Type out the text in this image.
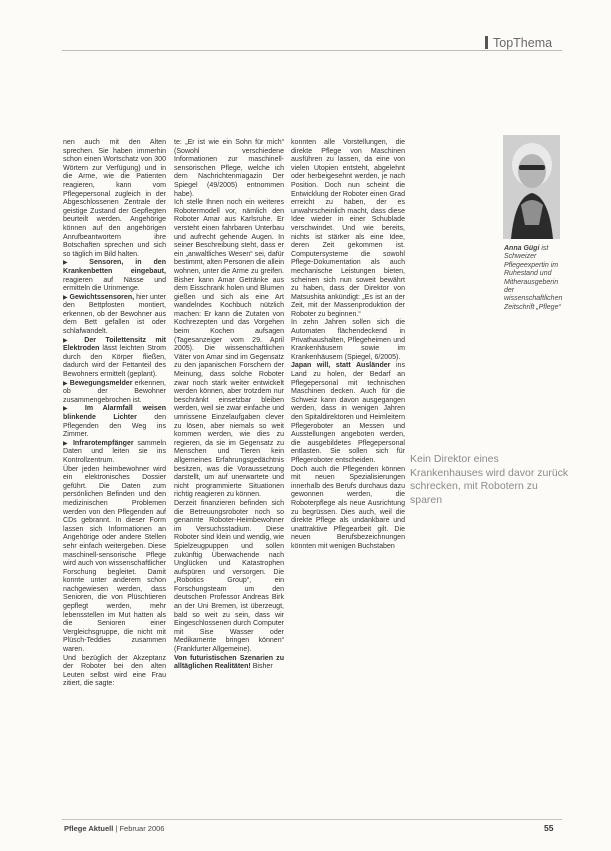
TopThema

nen auch mit den Alten sprechen. Sie haben immerhin schon einen Wortschatz von 300 Wörtern zur Verfügung) und in die Arme, wie die Patienten reagieren, kann vom Pflegepersonal zugleich in der Abgeschlossenen Zentrale der geistige Zustand der Gepflegten beurteilt werden. Angehörige können auf den angehörigen Anrufbeantwortern ihre Botschaften sprechen und sich so täglich im Bild halten.

▶ Sensoren, in den Krankenbetten eingebaut, reagieren auf Nässe und ermitteln die Urinmenge.

▶ Gewichtssensoren, hier unter den Bettpfosten montiert, erkennen, ob der Bewohner aus dem Bett gefallen ist oder schlafwandelt.

▶ Der Toilettensitz mit Elektroden lässt leichten Strom durch den Körper fließen, dadurch wird der Fettanteil des Bewohners ermittelt (geplant).

▶ Bewegungsmelder erkennen, ob der Bewohner zusammengebrochen ist.

▶ Im Alarmfall weisen blinkende Lichter den Pflegenden den Weg ins Zimmer.

▶ Infrarotempfänger sammeln Daten und leiten sie ins Kontrollzentrum.

Über jeden heimbewohner wird ein elektronisches Dossier geführt. Die Daten zum persönlichen Befinden und den medizinischen Problemen werden von den Pflegenden auf CDs gebrannt. In dieser Form lassen sich Informationen an Angehörige oder andere Stellen sehr einfach weitergeben. Diese maschinell-sensorische Pflege wird auch von wissenschaftlicher Forschung begleitet. Damit konnte unter anderem schon nachgewiesen werden, dass Senioren, die von Plüschtieren gepflegt werden, mehr lebensstellen im Mut hatten als die Senioren einer Vergleichsgruppe, die nicht mit Plüsch-Teddies zusammen waren.

Und bezüglich der Akzeptanz der Roboter bei den alten Leuten selbst wird eine Frau zitiert, die sagte:

te: „Er ist wie ein Sohn für mich“ (Sowohl verschiedene Informationen zur maschinell-sensorischen Pflege, welche ich dem Nachrichtenmagazin Der Spiegel (49/2005) entnommen habe).

Ich stelle Ihnen noch ein weiteres Robotermodell vor, nämlich den Roboter Amar aus Karlsruhe. Er versteht einen fahrbaren Unterbau und aufrecht gehende Augen. In seiner Beschreibung steht, dass er ein „anwaltliches Wesen“ sei, dafür bestimmt, alten Personen die allein wohnen, unter die Arme zu greifen. Bisher kann Amar Getränke aus dem Eisschrank holen und Blumen gießen und sich als eine Art wandelndes Kochbuch nützlich machen: Er kann die Zutaten von Kochrezepten und das Vorgehen beim Kochen aufsagen (Tagesanzeiger vom 29. April 2005). Die wissenschaftlichen Väter von Amar sind im Gegensatz zu den japanischen Forschern der Meinung, dass solche Roboter zwar noch stark weiter entwickelt werden können, aber trotzdem nur beschränkt einsetzbar bleiben werden, weil sie zwar einfache und umrissene Einzelaufgaben clever zu lösen, aber niemals so weit kommen werden, wie dies zu regieren, da sie im Gegensatz zu Menschen und Tieren kein allgemeines Erfahrungsgedächtnis besitzen, was die Voraussetzung darstellt, um auf unerwartete und nicht programmierte Situationen richtig reagieren zu können.

Derzeit finanzieren befinden sich die Betreuungsroboter noch so genannte Roboter-Heimbewohner im Versuchsstadium. Diese Roboter sind klein und wendig, wie Spielzeugpuppen und sollen zukünftig Überwachende nach Unglücken und Katastrophen aufspüren und versorgen. Die „Robotics Group“, ein Forschungsteam um den deutschen Professor Andreas Birk an der Uni Bremen, ist überzeugt, bald so weit zu sein, dass wir Eingeschlossenen durch Computer mit Sise Wasser oder Medikamente bringen können“ (Frankfurter Allgemeine).

Von futuristischen Szenarien zu alltäglichen Realitäten! Bisher

konnten alle Vorstellungen, die direkte Pflege von Maschinen ausführen zu lassen, da eine von vielen Utopien entsteht, abgelehnt oder herbeigesehnt werden, je nach Position. Doch nun scheint die Entwicklung der Roboter einen Grad erreicht zu haben, der es unwahrscheinlich macht, dass diese Idee wieder in einer Schublade verschwindet. Und wie bereits, nichts ist stärker als eine Idee, deren Zeit gekommen ist. Computersysteme die sowohl Pflege-Dokumentation als auch mechanische Leistungen bieten, scheinen sich nun soweit bewährt zu haben, dass der Direktor von Matsushita ankündigt: „Es ist an der Zeit, mit der Massenproduktion der Roboter zu beginnen.“

In zehn Jahren sollen sich die Automaten flächendeckend in Privathaushalten, Pflegeheimen und Krankenhäusern sowie im Krankenhäusern (Spiegel, 6/2005).

Japan will, statt Ausländer ins Land zu holen, der Bedarf an Pflegepersonal mit technischen Maschinen decken. Auch für die Schweiz kann davon ausgegangen werden, dass in wenigen Jahren den Spitaldirektoren und Heimleitern Pflegeroboter an Messen und Ausstellungen angeboten werden, die ausgebildetes Pflegepersonal entlasten. Sie sollen sich für Pflegeroboter entscheiden.

Doch auch die Pflegenden können mit neuen Spezialisierungen innerhalb des Berufs durchaus dazu gewonnen werden, die Roboterpflege als neue Ausrichtung zu begrüssen. Dies auch, weil die direkte Pflege als undankbare und unattraktive Pflegearbeit gilt. Die neuen Berufsbezeichnungen könnten mit wenigen Buchstaben

Anna Gügi ist Schweizer Pflegeexpertin im Ruhestand und Mitherausgeberin der wissenschaftlichen Zeitschrift „Pflege“
Kein Direktor eines Krankenhauses wird davor zurück schrecken, mit Robotern zu sparen
Pflege Aktuell | Februar 2006	55
